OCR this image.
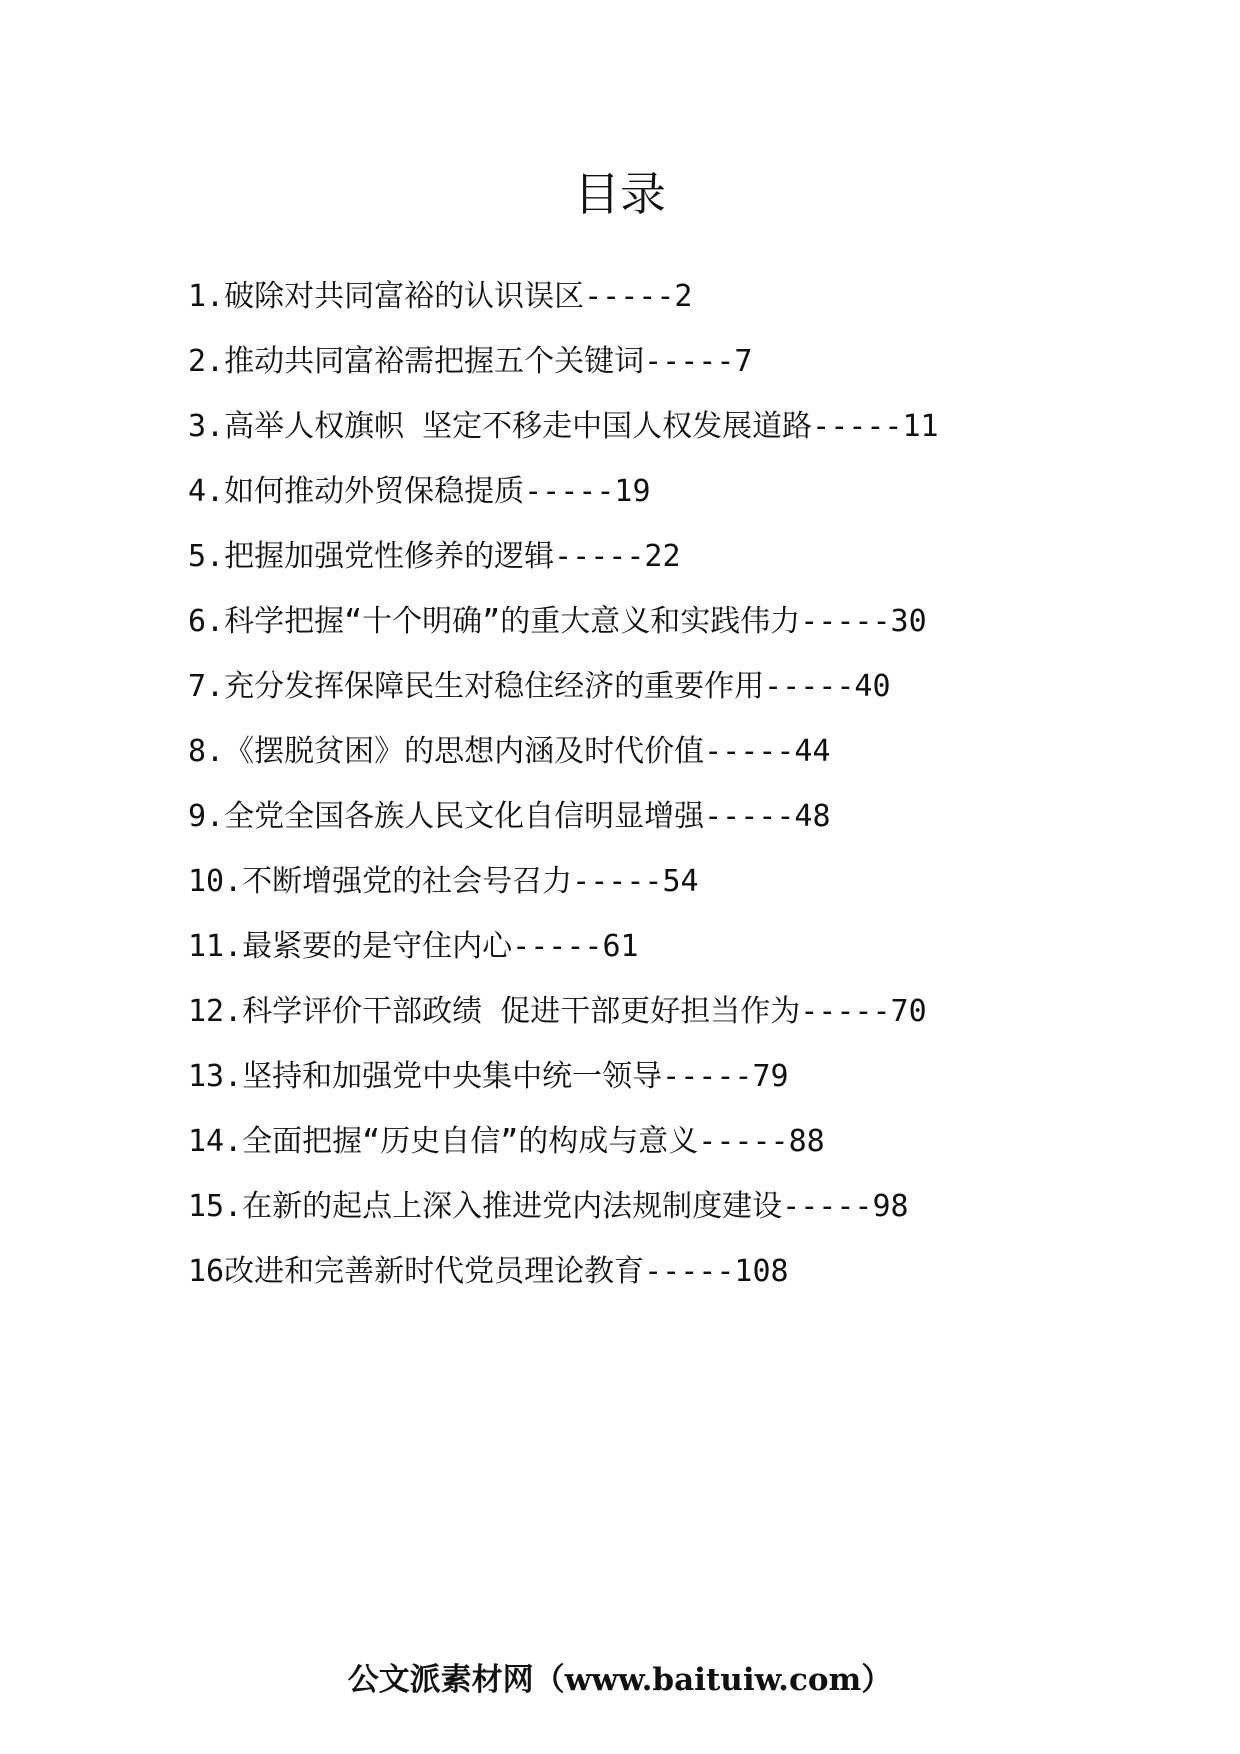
目录
1.破除对共同富裕的认识误区-----2
2.推动共同富裕需把握五个关键词-----7
3.高举人权旗帜 坚定不移走中国人权发展道路-----11
4.如何推动外贸保稳提质-----19
5.把握加强党性修养的逻辑-----22
6.科学把握“十个明确”的重大意义和实践伟力-----30
7.充分发挥保障民生对稳住经济的重要作用-----40
8.《摆脱贫困》的思想内涵及时代价值-----44
9.全党全国各族人民文化自信明显增强-----48
10.不断增强党的社会号召力-----54
11.最紧要的是守住内心-----61
12.科学评价干部政绩 促进干部更好担当作为-----70
13.坚持和加强党中央集中统一领导-----79
14.全面把握“历史自信”的构成与意义-----88
15.在新的起点上深入推进党内法规制度建设-----98
16改进和完善新时代党员理论教育-----108
公文派素材网（www.baituiw.com）
